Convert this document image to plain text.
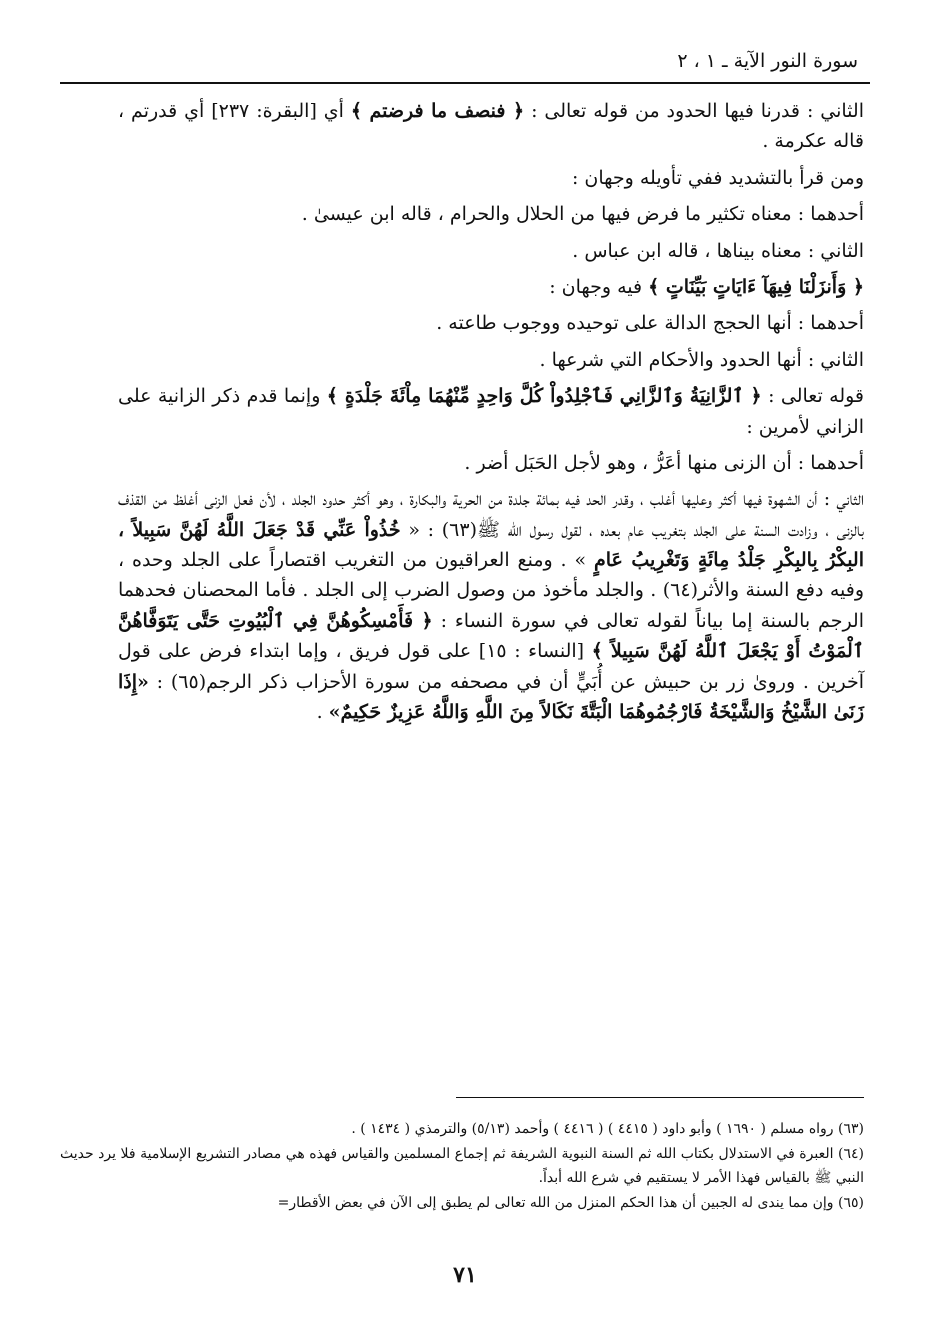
سورة النور الآية ـ ١ ، ٢

الثاني : قدرنا فيها الحدود من قوله تعالى : ﴿ فنصف ما فرضتم ﴾ أي [البقرة: ٢٣٧] أي قدرتم ، قاله عكرمة .

ومن قرأ بالتشديد ففي تأويله وجهان :

أحدهما : معناه تكثير ما فرض فيها من الحلال والحرام ، قاله ابن عيسىٰ .

الثاني : معناه بيناها ، قاله ابن عباس .

﴿ وَأَنزَلْنَا فِيهَآ ءَايَاتٍ بَيِّنَاتٍ ﴾ فيه وجهان :

أحدهما : أنها الحجج الدالة على توحيده ووجوب طاعته .

الثاني : أنها الحدود والأحكام التي شرعها .

قوله تعالى : ﴿ ٱلزَّانِيَةُ وَٱلزَّانِي فَٱجْلِدُواْ كُلَّ وَاحِدٍ مِّنْهُمَا مِاْئَةَ جَلْدَةٍ ﴾ وإنما قدم ذكر الزانية على الزاني لأمرين :

أحدهما : أن الزنى منها أعَرُّ ، وهو لأجل الحَبَل أضر .

الثاني : أن الشهوة فيها أكثر وعليها أغلب ، وقدر الحد فيه بمائة جلدة من الحرية والبكارة ، وهو أكثر حدود الجلد ، لأن فعل الزنى أغلظ من القذف بالزنى ، وزادت السنة على الجلد بتغريب عام بعده ، لقول رسول الله ﷺ(٦٣) : « خُذُواْ عَنِّي قَدْ جَعَلَ اللَّهُ لَهُنَّ سَبِيلاً ، البِكْرُ بِالبِكْرِ جَلْدُ مِائَةٍ وَتَغْرِيبُ عَامٍ » . ومنع العراقيون من التغريب اقتصاراً على الجلد وحده ، وفيه دفع السنة والأثر(٦٤) . والجلد مأخوذ من وصول الضرب إلى الجلد . فأما المحصنان فحدهما الرجم بالسنة إما بياناً لقوله تعالى في سورة النساء : ﴿ فَأَمْسِكُوهُنَّ فِي ٱلْبُيُوتِ حَتَّى يَتَوَفَّاهُنَّ ٱلْمَوْتُ أَوْ يَجْعَلَ ٱللَّهُ لَهُنَّ سَبِيلاً ﴾ [النساء : ١٥] على قول فريق ، وإما ابتداء فرض على قول آخرين . وروىٰ زر بن حبيش عن أُبَيٍّ أن في مصحفه من سورة الأحزاب ذكر الرجم(٦٥) : «إِذَا زَنَىٰ الشَّيْخُ وَالشَّيْخَةُ فَارْجُمُوهُمَا الْبَتَّةَ نَكَالاً مِنَ اللَّهِ وَاللَّهُ عَزِيزٌ حَكِيمٌ» .

(٦٣) رواه مسلم ( ١٦٩٠ ) وأبو داود ( ٤٤١٥ ) ( ٤٤١٦ ) وأحمد (٥/١٣) والترمذي ( ١٤٣٤ ) .

(٦٤) العبرة في الاستدلال بكتاب الله ثم السنة النبوية الشريفة ثم إجماع المسلمين والقياس فهذه هي مصادر التشريع الإسلامية فلا يرد حديث النبي ﷺ بالقياس فهذا الأمر لا يستقيم في شرع الله أبداً.

(٦٥) وإن مما يندى له الجبين أن هذا الحكم المنزل من الله تعالى لم يطبق إلى الآن في بعض الأقطار=

٧١
